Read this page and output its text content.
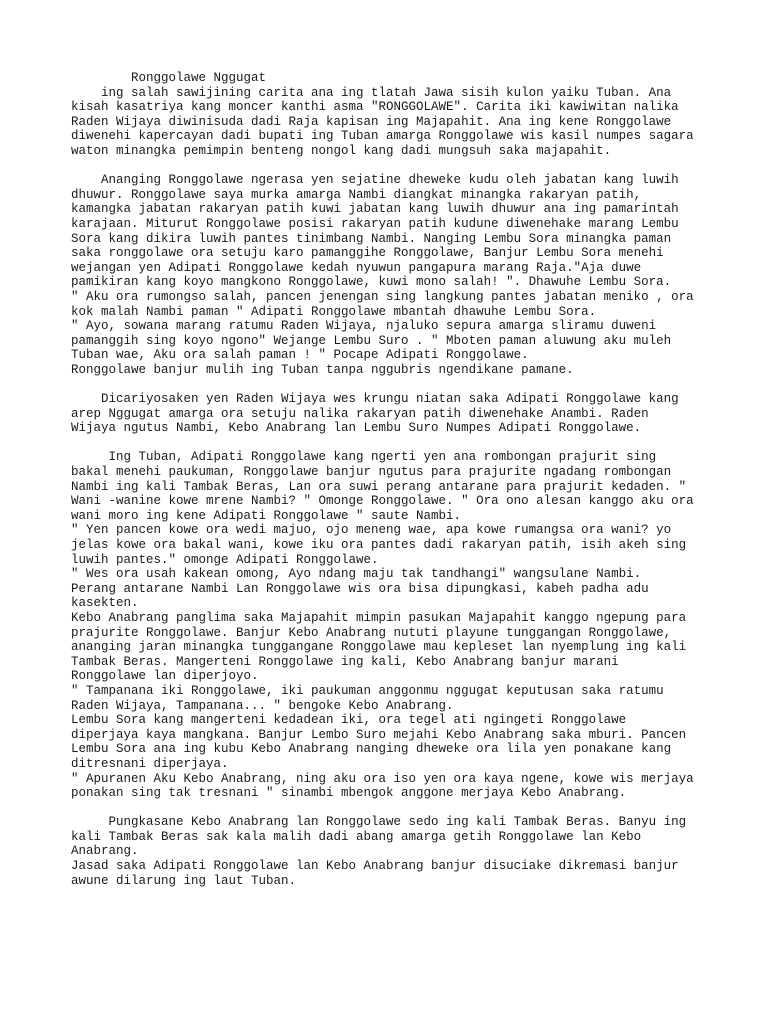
Ronggolawe Nggugat
ing salah sawijining carita ana ing tlatah Jawa sisih kulon yaiku Tuban. Ana
kisah kasatriya kang moncer kanthi asma "RONGGOLAWE". Carita iki kawiwitan nalika
Raden Wijaya diwinisuda dadi Raja kapisan ing Majapahit. Ana ing kene Ronggolawe
diwenehi kapercayan dadi bupati ing Tuban amarga Ronggolawe wis kasil numpes sagara
waton minangka pemimpin benteng nongol kang dadi mungsuh saka majapahit.
Ananging Ronggolawe ngerasa yen sejatine dheweke kudu oleh jabatan kang luwih
dhuwur. Ronggolawe saya murka amarga Nambi diangkat minangka rakaryan patih,
kamangka jabatan rakaryan patih kuwi jabatan kang luwih dhuwur ana ing pamarintah
karajaan. Miturut Ronggolawe posisi rakaryan patih kudune diwenehake marang Lembu
Sora kang dikira luwih pantes tinimbang Nambi. Nanging Lembu Sora minangka paman
saka ronggolawe ora setuju karo pamanggihe Ronggolawe, Banjur Lembu Sora menehi
wejangan yen Adipati Ronggolawe kedah nyuwun pangapura marang Raja."Aja duwe
pamikiran kang koyo mangkono Ronggolawe, kuwi mono salah! ". Dhawuhe Lembu Sora.
" Aku ora rumongso salah, pancen jenengan sing langkung pantes jabatan meniko , ora
kok malah Nambi paman " Adipati Ronggolawe mbantah dhawuhe Lembu Sora.
" Ayo, sowana marang ratumu Raden Wijaya, njaluko sepura amarga sliramu duweni
pamanggih sing koyo ngono" Wejange Lembu Suro . " Mboten paman aluwung aku muleh
Tuban wae, Aku ora salah paman ! " Pocape Adipati Ronggolawe.
Ronggolawe banjur mulih ing Tuban tanpa nggubris ngendikane pamane.
Dicariyosaken yen Raden Wijaya wes krungu niatan saka Adipati Ronggolawe kang
arep Nggugat amarga ora setuju nalika rakaryan patih diwenehake Anambi. Raden
Wijaya ngutus Nambi, Kebo Anabrang lan Lembu Suro Numpes Adipati Ronggolawe.
Ing Tuban, Adipati Ronggolawe kang ngerti yen ana rombongan prajurit sing
bakal menehi paukuman, Ronggolawe banjur ngutus para prajurite ngadang rombongan
Nambi ing kali Tambak Beras, Lan ora suwi perang antarane para prajurit kedaden. "
Wani -wanine kowe mrene Nambi? " Omonge Ronggolawe. " Ora ono alesan kanggo aku ora
wani moro ing kene Adipati Ronggolawe " saute Nambi.
" Yen pancen kowe ora wedi majuo, ojo meneng wae, apa kowe rumangsa ora wani? yo
jelas kowe ora bakal wani, kowe iku ora pantes dadi rakaryan patih, isih akeh sing
luwih pantes." omonge Adipati Ronggolawe.
" Wes ora usah kakean omong, Ayo ndang maju tak tandhangi" wangsulane Nambi.
Perang antarane Nambi Lan Ronggolawe wis ora bisa dipungkasi, kabeh padha adu
kasekten.
Kebo Anabrang panglima saka Majapahit mimpin pasukan Majapahit kanggo ngepung para
prajurite Ronggolawe. Banjur Kebo Anabrang nututi playune tunggangan Ronggolawe,
ananging jaran minangka tunggangane Ronggolawe mau kepleset lan nyemplung ing kali
Tambak Beras. Mangerteni Ronggolawe ing kali, Kebo Anabrang banjur marani
Ronggolawe lan diperjoyo.
" Tampanana iki Ronggolawe, iki paukuman anggonmu nggugat keputusan saka ratumu
Raden Wijaya, Tampanana... " bengoke Kebo Anabrang.
Lembu Sora kang mangerteni kedadean iki, ora tegel ati ngingeti Ronggolawe
diperjaya kaya mangkana. Banjur Lembo Suro mejahi Kebo Anabrang saka mburi. Pancen
Lembu Sora ana ing kubu Kebo Anabrang nanging dheweke ora lila yen ponakane kang
ditresnani diperjaya.
" Apuranen Aku Kebo Anabrang, ning aku ora iso yen ora kaya ngene, kowe wis merjaya
ponakan sing tak tresnani " sinambi mbengok anggone merjaya Kebo Anabrang.
Pungkasane Kebo Anabrang lan Ronggolawe sedo ing kali Tambak Beras. Banyu ing
kali Tambak Beras sak kala malih dadi abang amarga getih Ronggolawe lan Kebo
Anabrang.
Jasad saka Adipati Ronggolawe lan Kebo Anabrang banjur disuciake dikremasi banjur
awune dilarung ing laut Tuban.
